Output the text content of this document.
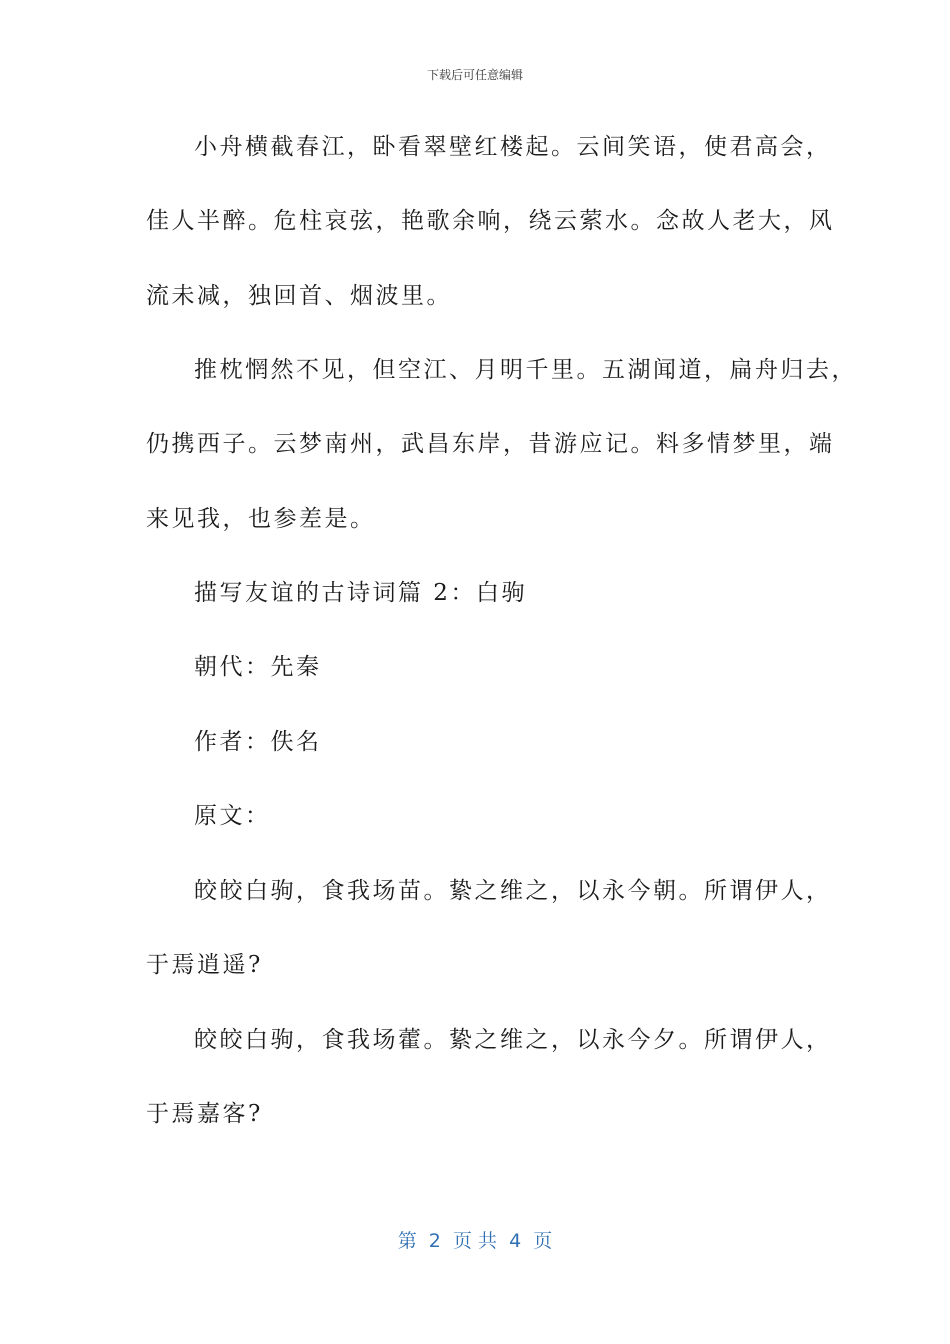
下载后可任意编辑
小舟横截春江，卧看翠壁红楼起。云间笑语，使君高会，
佳人半醉。危柱哀弦，艳歌余响，绕云萦水。念故人老大，风
流未减，独回首、烟波里。
推枕惘然不见，但空江、月明千里。五湖闻道，扁舟归去，
仍携西子。云梦南州，武昌东岸，昔游应记。料多情梦里，端
来见我，也参差是。
描写友谊的古诗词篇 2：白驹
朝代：先秦
作者：佚名
原文：
皎皎白驹，食我场苗。絷之维之，以永今朝。所谓伊人，
于焉逍遥?
皎皎白驹，食我场藿。絷之维之，以永今夕。所谓伊人，
于焉嘉客?
第  2  页 共  4  页
